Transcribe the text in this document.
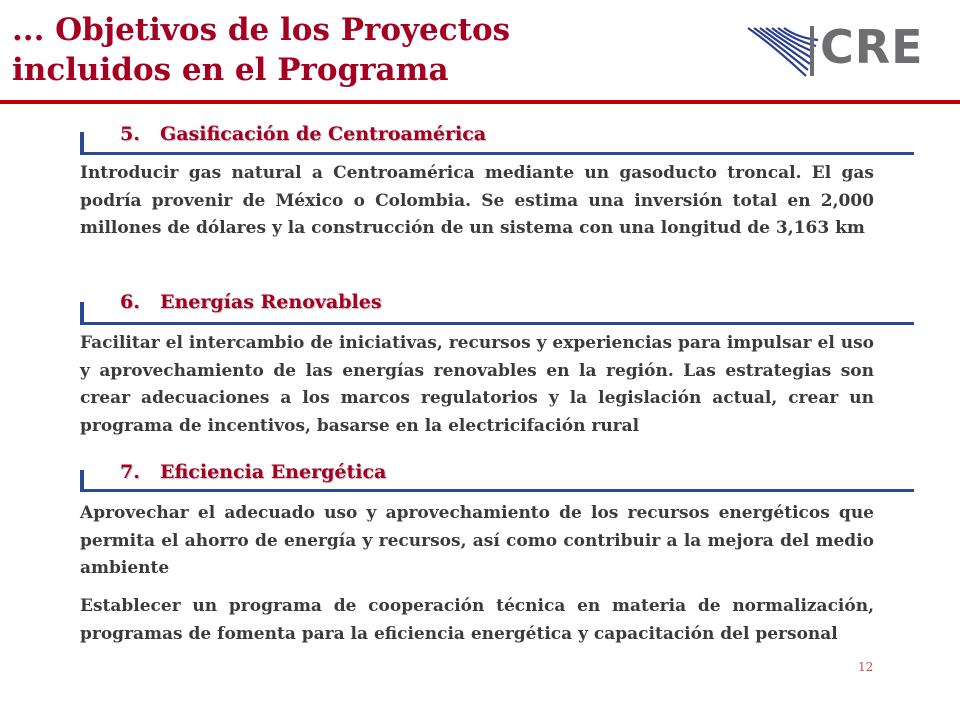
... Objetivos de los Proyectos
incluidos en el Programa	CRE
5. Gasificación de Centroamérica

Introducir gas natural a Centroamérica mediante un gasoducto troncal. El gas podría provenir de México o Colombia. Se estima una inversión total en 2,000 millones de dólares y la construcción de un sistema con una longitud de 3,163 km

6. Energías Renovables

Facilitar el intercambio de iniciativas, recursos y experiencias para impulsar el uso y aprovechamiento de las energías renovables en la región. Las estrategias son crear adecuaciones a los marcos regulatorios y la legislación actual, crear un programa de incentivos, basarse en la electricifación rural

7. Eficiencia Energética

Aprovechar el adecuado uso y aprovechamiento de los recursos energéticos que permita el ahorro de energía y recursos, así como contribuir a la mejora del medio ambiente

Establecer un programa de cooperación técnica en materia de normalización, programas de fomenta para la eficiencia energética y capacitación del personal

12
